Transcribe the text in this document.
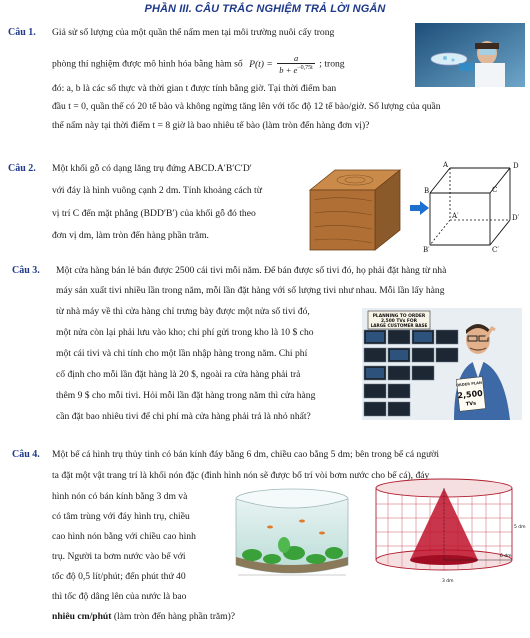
PHẦN III. CÂU TRẮC NGHIỆM TRẢ LỜI NGẮN
Câu 1. Giả sử số lượng của một quần thể nấm men tại môi trường nuôi cấy trong
phòng thí nghiệm được mô hình hóa bằng hàm số $P(t) = \frac{a}{b + e^{-0,75t}}$ ; trong
đó: a, b là các số thực và thời gian t được tính bằng giờ. Tại thời điểm ban
đầu t = 0, quần thể có 20 tế bào và không ngừng tăng lên với tốc độ 12 tế bào/giờ. Số lượng của quần
thể nấm này tại thời điểm t = 8 giờ là bao nhiêu tế bào (làm tròn đến hàng đơn vị)?
Câu 2. Một khối gỗ có dạng lăng trụ đứng ABCD.A′B′C′D′
với đáy là hình vuông cạnh 2 dm. Tính khoảng cách từ
vị trí C đến mặt phẳng (BDD′B′) của khối gỗ đó theo
đơn vị dm, làm tròn đến hàng phần trăm.
A	D
B	C
A′	D′
B′	C′
Câu 3. Một cửa hàng bán lẻ bán được 2500 cái tivi mỗi năm. Để bán được số tivi đó, họ phải đặt hàng từ nhà
máy sản xuất tivi nhiều lần trong năm, mỗi lần đặt hàng với số lượng tivi như nhau. Mỗi lần lấy hàng
từ nhà máy về thì cửa hàng chỉ trưng bày được một nửa số tivi đó,
một nửa còn lại phải lưu vào kho; chi phí gửi trong kho là 10 $ cho
một cái tivi và chi tính cho một lần nhập hàng trong năm. Chi phí
cố định cho mỗi lần đặt hàng là 20 $, ngoài ra cửa hàng phải trả
thêm 9 $ cho mỗi tivi. Hỏi mỗi lần đặt hàng trong năm thì cửa hàng
cần đặt bao nhiêu tivi để chi phí mà cửa hàng phải trả là nhỏ nhất?
PLANNING TO ORDER
2,500 TVs FOR
LARGE CUSTOMER BASE
ORDER PLAN
2,500
TVs
Câu 4. Một bể cá hình trụ thủy tinh có bán kính đáy bằng 6 dm, chiều cao bằng 5 dm; bên trong bể cá người
ta đặt một vật trang trí là khối nón đặc (đỉnh hình nón sẽ được bố trí vòi bơm nước cho bể cá), đáy
hình nón có bán kính bằng 3 dm và
có tâm trùng với đáy hình trụ, chiều
cao hình nón bằng với chiều cao hình
trụ. Người ta bơm nước vào bể với
tốc độ 0,5 lít/phút; đến phút thứ 40
thì tốc độ dâng lên của nước là bao
nhiêu cm/phút (làm tròn đến hàng phần trăm)?
6 dm
5 dm
3 dm
